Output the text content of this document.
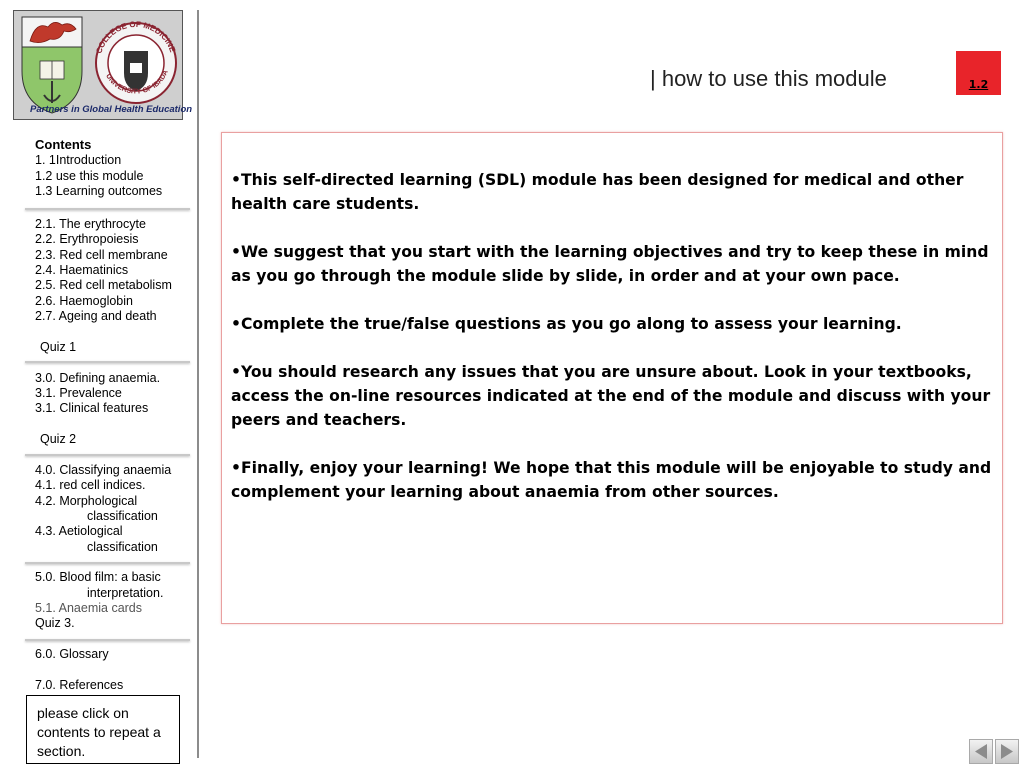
COLLEGE OF MEDICINE
UNIVERSITY OF IBADA
Partners in Global Health Education
Contents
1. 1Introduction
1.2 use this module
1.3 Learning outcomes
2.1. The erythrocyte
2.2. Erythropoiesis
2.3. Red cell membrane
2.4. Haematinics
2.5. Red cell metabolism
2.6. Haemoglobin
2.7. Ageing and death
Quiz 1
3.0. Defining anaemia.
3.1. Prevalence
3.1. Clinical features
Quiz 2
4.0. Classifying anaemia
4.1. red cell indices.
4.2. Morphological
classification
4.3. Aetiological
classification
5.0. Blood film: a basic
interpretation.
5.1. Anaemia cards
Quiz 3.
6.0. Glossary
7.0. References
please click on contents to repeat a section.
| how to use this module	1.2

•This self-directed learning (SDL) module has been designed for medical and other health care students.

•We suggest that you start with the learning objectives and try to keep these in mind as you go through the module slide by slide, in order and at your own pace.

•Complete the true/false questions as you go along to assess your learning.

•You should research any issues that you are unsure about. Look in your textbooks, access the on-line resources indicated at the end of the module and discuss with your peers and teachers.

•Finally, enjoy your learning! We hope that this module will be enjoyable to study and complement your learning about anaemia from other sources.
